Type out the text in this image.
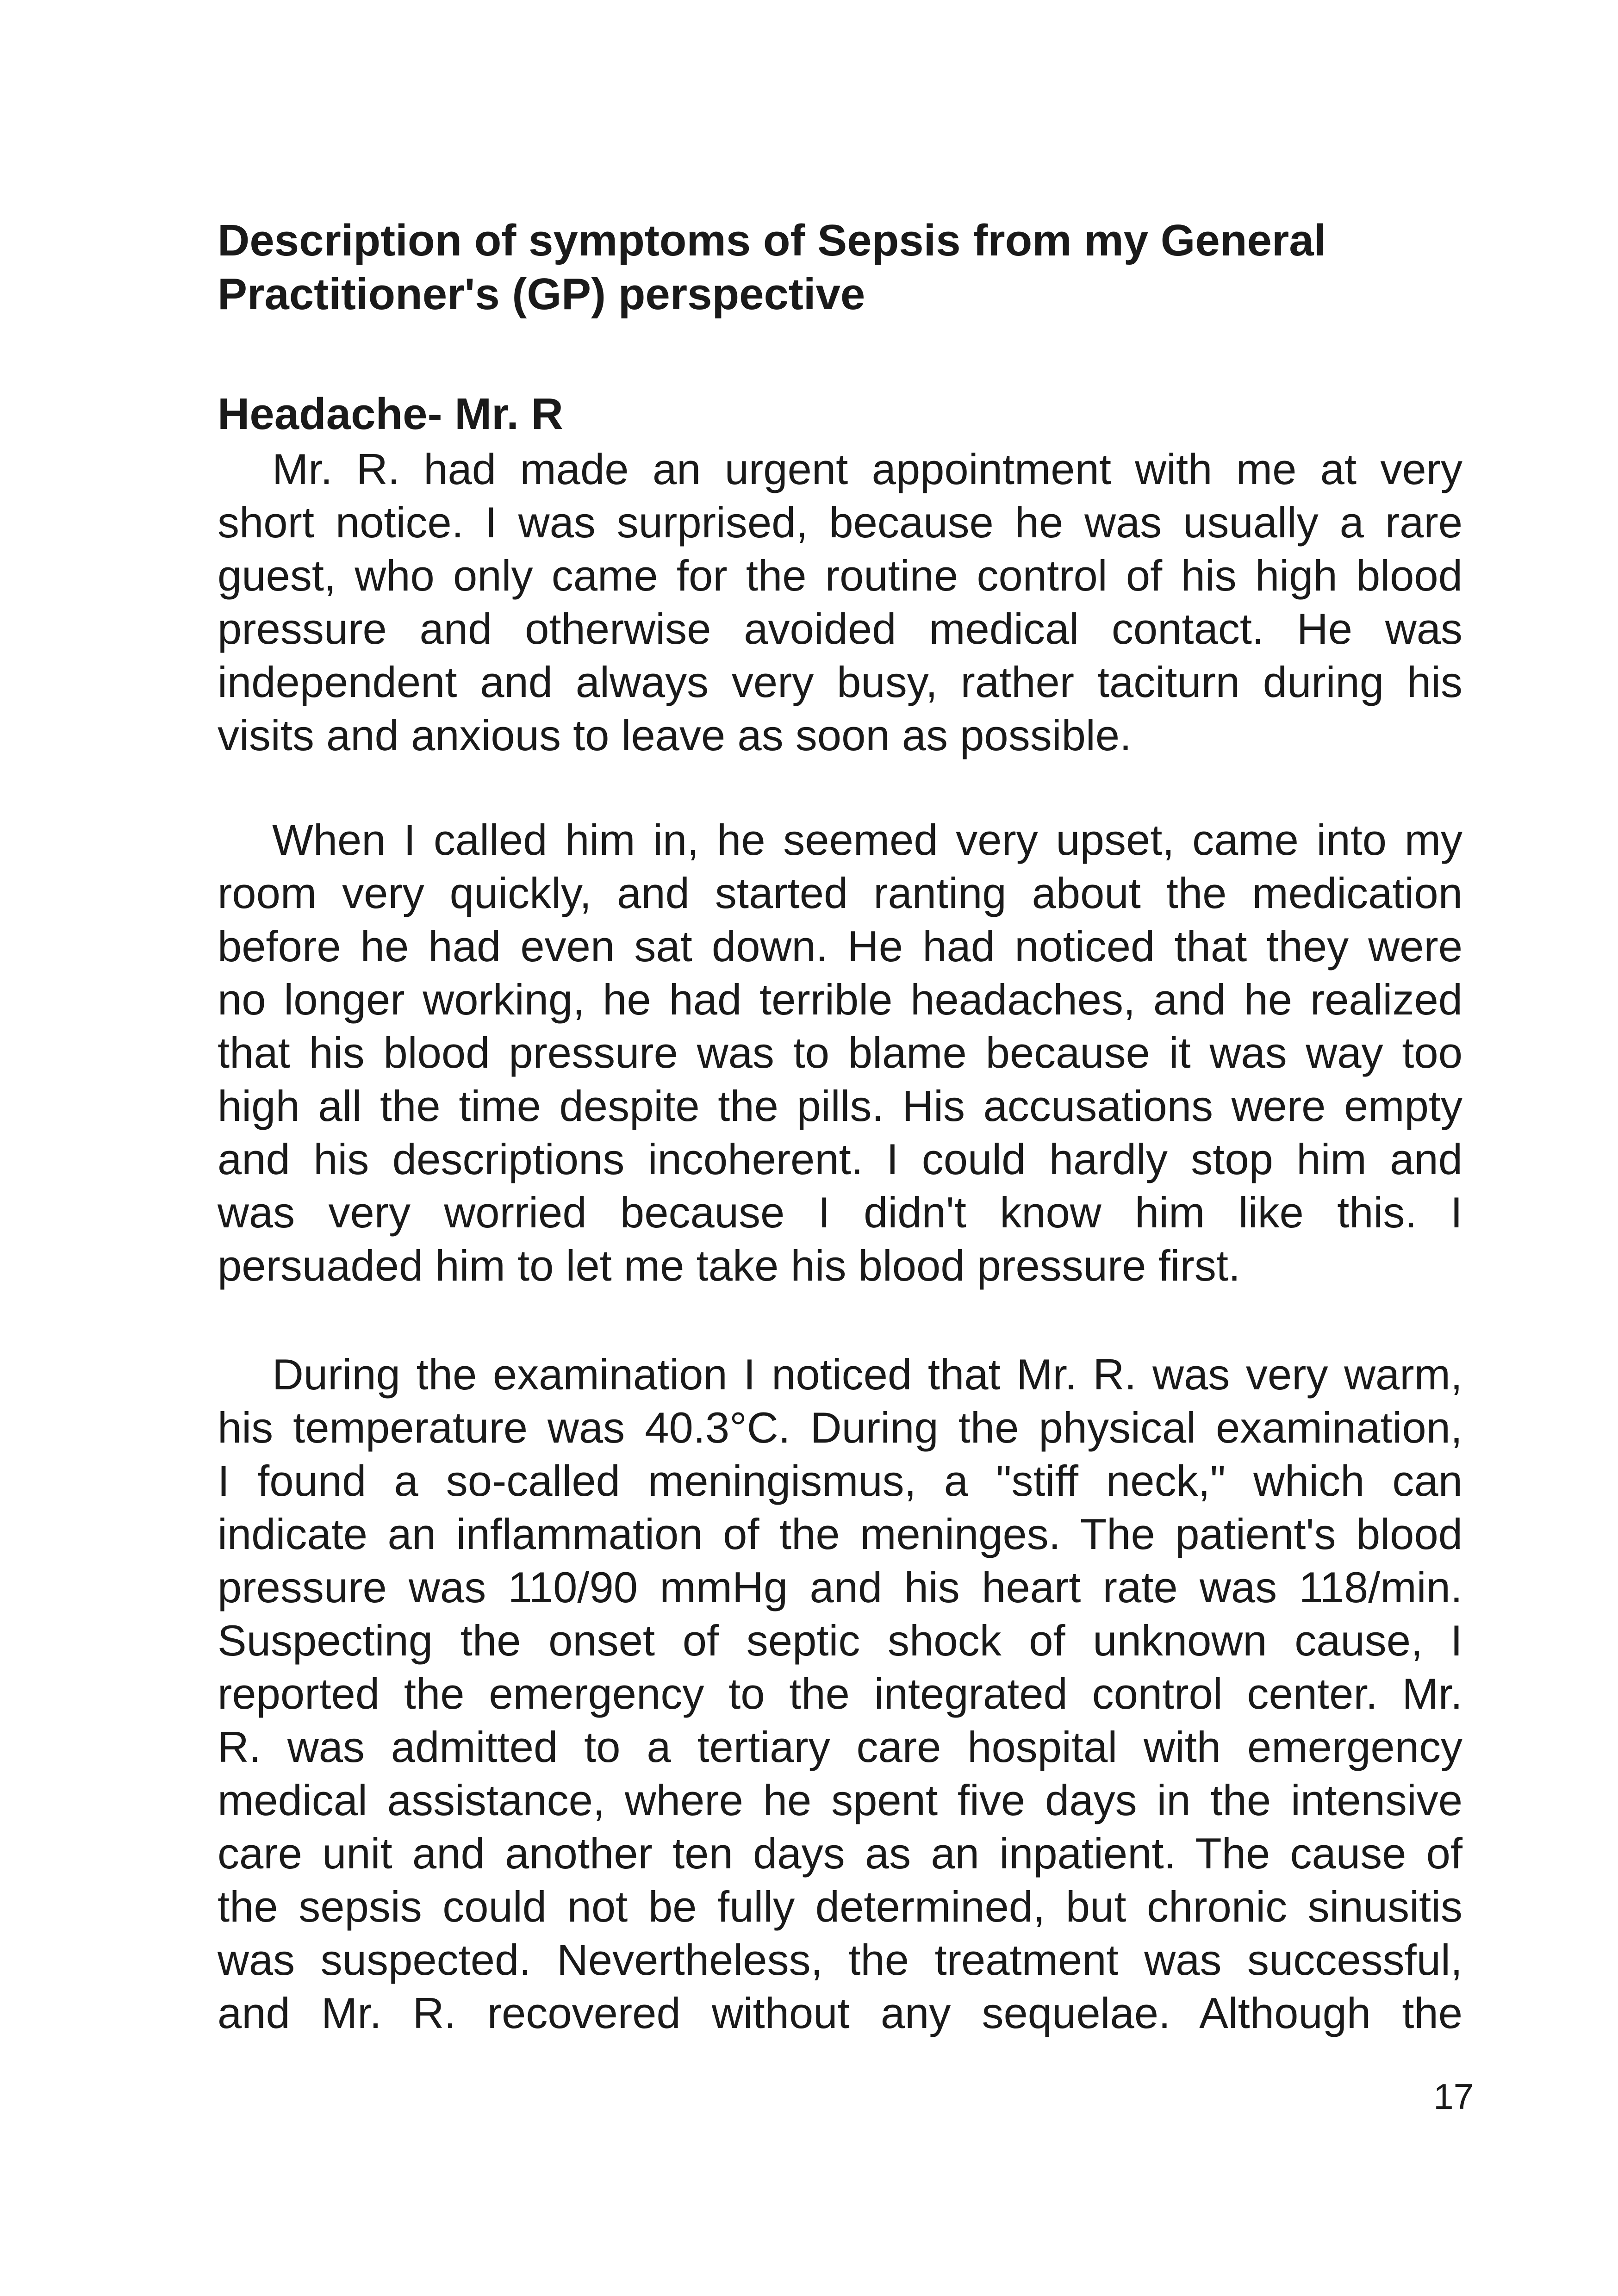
Description of symptoms of Sepsis from my General
Practitioner's (GP) perspective
Headache- Mr. R

Mr. R. had made an urgent appointment with me at very
short notice. I was surprised, because he was usually a rare
guest, who only came for the routine control of his high blood
pressure and otherwise avoided medical contact. He was
independent and always very busy, rather taciturn during his
visits and anxious to leave as soon as possible.

When I called him in, he seemed very upset, came into my
room very quickly, and started ranting about the medication
before he had even sat down. He had noticed that they were
no longer working, he had terrible headaches, and he realized
that his blood pressure was to blame because it was way too
high all the time despite the pills. His accusations were empty
and his descriptions incoherent. I could hardly stop him and
was very worried because I didn't know him like this. I
persuaded him to let me take his blood pressure first.

During the examination I noticed that Mr. R. was very warm,
his temperature was 40.3°C. During the physical examination,
I found a so-called meningismus, a "stiff neck," which can
indicate an inflammation of the meninges. The patient's blood
pressure was 110/90 mmHg and his heart rate was 118/min.
Suspecting the onset of septic shock of unknown cause, I
reported the emergency to the integrated control center. Mr.
R. was admitted to a tertiary care hospital with emergency
medical assistance, where he spent five days in the intensive
care unit and another ten days as an inpatient. The cause of
the sepsis could not be fully determined, but chronic sinusitis
was suspected. Nevertheless, the treatment was successful,
and Mr. R. recovered without any sequelae. Although the

17
